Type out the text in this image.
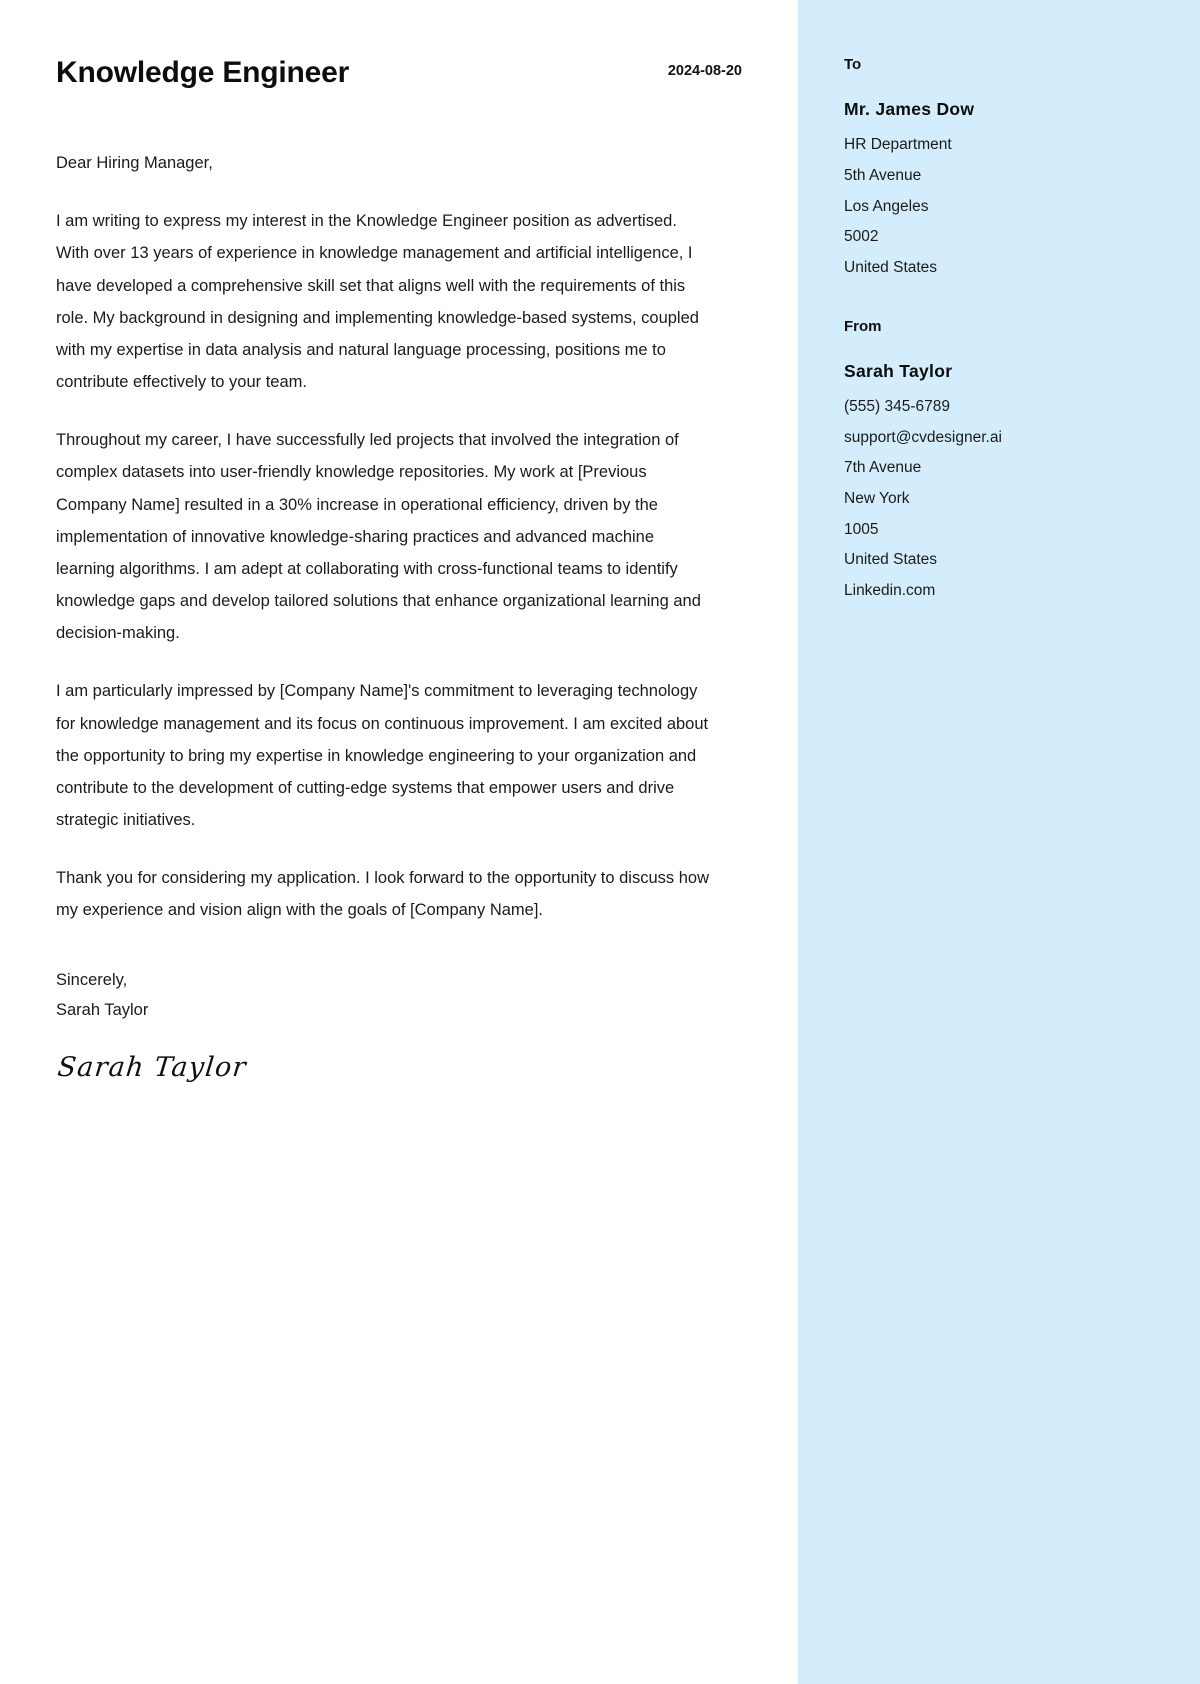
Knowledge Engineer	2024-08-20

Dear Hiring Manager,

I am writing to express my interest in the Knowledge Engineer position as advertised. With over 13 years of experience in knowledge management and artificial intelligence, I have developed a comprehensive skill set that aligns well with the requirements of this role. My background in designing and implementing knowledge-based systems, coupled with my expertise in data analysis and natural language processing, positions me to contribute effectively to your team.

Throughout my career, I have successfully led projects that involved the integration of complex datasets into user-friendly knowledge repositories. My work at [Previous Company Name] resulted in a 30% increase in operational efficiency, driven by the implementation of innovative knowledge-sharing practices and advanced machine learning algorithms. I am adept at collaborating with cross-functional teams to identify knowledge gaps and develop tailored solutions that enhance organizational learning and decision-making.

I am particularly impressed by [Company Name]'s commitment to leveraging technology for knowledge management and its focus on continuous improvement. I am excited about the opportunity to bring my expertise in knowledge engineering to your organization and contribute to the development of cutting-edge systems that empower users and drive strategic initiatives.

Thank you for considering my application. I look forward to the opportunity to discuss how my experience and vision align with the goals of [Company Name].

Sincerely,
Sarah Taylor
Sarah Taylor
To
Mr. James Dow
HR Department
5th Avenue
Los Angeles
5002
United States
From
Sarah Taylor
(555) 345-6789
support@cvdesigner.ai
7th Avenue
New York
1005
United States
Linkedin.com
